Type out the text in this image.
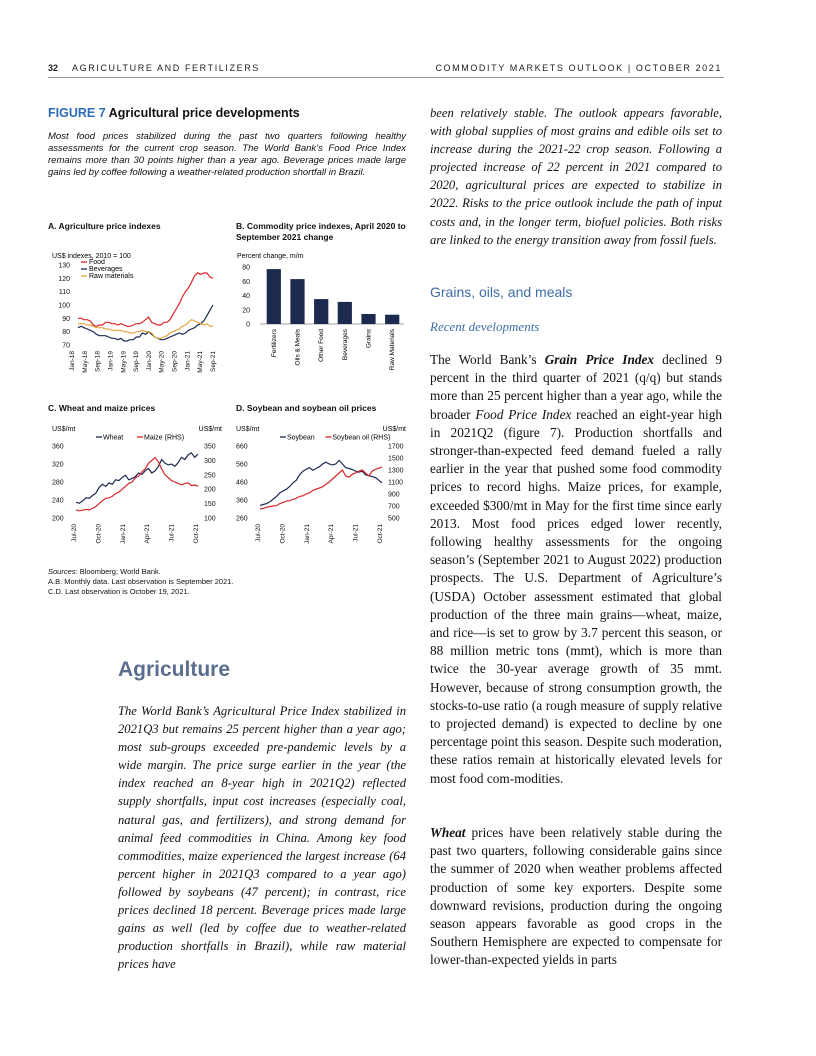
32 AGRICULTURE AND FERTILIZERS	COMMODITY MARKETS OUTLOOK | OCTOBER 2021
FIGURE 7 Agricultural price developments
Most food prices stabilized during the past two quarters following healthy assessments for the current crop season. The World Bank’s Food Price Index remains more than 30 points higher than a year ago. Beverage prices made large gains led by coffee following a weather-related production shortfall in Brazil.
A. Agriculture price indexes	B. Commodity price indexes, April 2020 to September 2021 change
C. Wheat and maize prices	D. Soybean and soybean oil prices
US$ indexes, 2010 = 100
130
120
110
100
90
80
70
Food
Beverages
Raw materials
Jan-18 May-18 Sep-18 Jan-19 May-19 Sep-19 Jan-20 May-20 Sep-20 Jan-21 May-21 Sep-21
Percent change, m/m
80
60
40
20
0
Fertilizers	Oils & Meals	Other Food	Beverages	Grains	Raw Materials
US$/mt	US$/mt
360
320
280
240
200
350
300
250
200
150
100
Wheat	Maize (RHS)
Jul-20	Oct-20	Jan-21	Apr-21	Jul-21	Oct-21
US$/mt	US$/mt
660
560
460
360
260
1700
1500
1300
1100
900
700
500
Soybean	Soybean oil (RHS)
Jul-20	Oct-20	Jan-21	Apr-21	Jul-21	Oct-21
Sources: Bloomberg; World Bank.
A.B. Monthly data. Last observation is September 2021.
C.D. Last observation is October 19, 2021.
Agriculture
The World Bank’s Agricultural Price Index stabilized in 2021Q3 but remains 25 percent higher than a year ago; most sub-groups exceeded pre-pandemic levels by a wide margin. The price surge earlier in the year (the index reached an 8-year high in 2021Q2) reflected supply shortfalls, input cost increases (especially coal, natural gas, and fertilizers), and strong demand for animal feed commodities in China. Among key food commodities, maize experienced the largest increase (64 percent higher in 2021Q3 compared to a year ago) followed by soybeans (47 percent); in contrast, rice prices declined 18 percent. Beverage prices made large gains as well (led by coffee due to weather-related production shortfalls in Brazil), while raw material prices have
been relatively stable. The outlook appears favorable, with global supplies of most grains and edible oils set to increase during the 2021-22 crop season. Following a projected increase of 22 percent in 2021 compared to 2020, agricultural prices are expected to stabilize in 2022. Risks to the price outlook include the path of input costs and, in the longer term, biofuel policies. Both risks are linked to the energy transition away from fossil fuels.
Grains, oils, and meals
Recent developments
The World Bank’s Grain Price Index declined 9 percent in the third quarter of 2021 (q/q) but stands more than 25 percent higher than a year ago, while the broader Food Price Index reached an eight-year high in 2021Q2 (figure 7). Production shortfalls and stronger-than-expected feed demand fueled a rally earlier in the year that pushed some food commodity prices to record highs. Maize prices, for example, exceeded $300/mt in May for the first time since early 2013. Most food prices edged lower recently, following healthy assessments for the ongoing season’s (September 2021 to August 2022) production prospects. The U.S. Department of Agriculture’s (USDA) October assessment estimated that global production of the three main grains—wheat, maize, and rice—is set to grow by 3.7 percent this season, or 88 million metric tons (mmt), which is more than twice the 30-year average growth of 35 mmt. However, because of strong consumption growth, the stocks-to-use ratio (a rough measure of supply relative to projected demand) is expected to decline by one percentage point this season. Despite such moderation, these ratios remain at historically elevated levels for most food com-modities.
Wheat prices have been relatively stable during the past two quarters, following considerable gains since the summer of 2020 when weather problems affected production of some key exporters. Despite some downward revisions, production during the ongoing season appears favorable as good crops in the Southern Hemisphere are expected to compensate for lower-than-expected yields in parts
